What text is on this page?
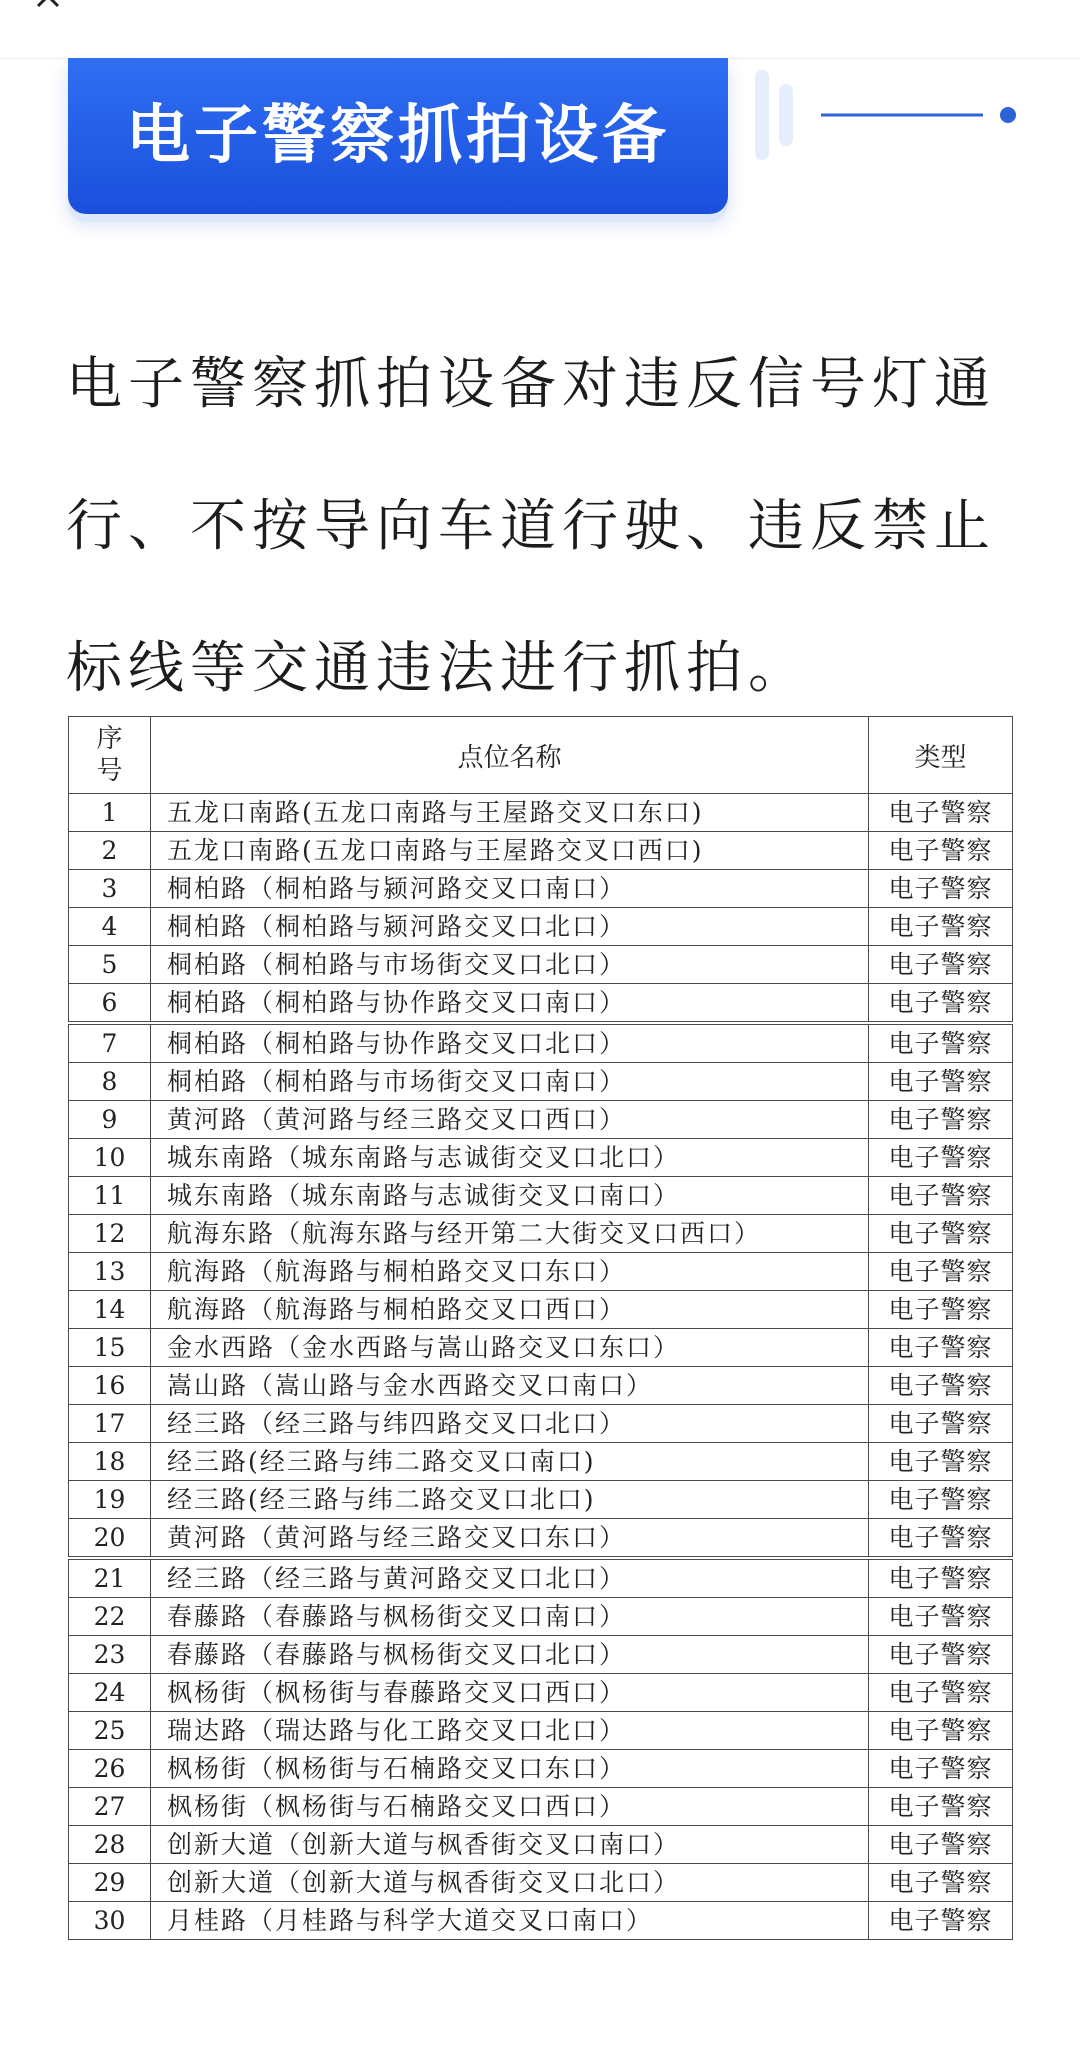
电子警察抓拍设备

电子警察抓拍设备对违反信号灯通行、不按导向车道行驶、违反禁止标线等交通违法进行抓拍。

序
号	点位名称	类型
1	五龙口南路(五龙口南路与王屋路交叉口东口)	电子警察
2	五龙口南路(五龙口南路与王屋路交叉口西口)	电子警察
3	桐柏路（桐柏路与颍河路交叉口南口）	电子警察
4	桐柏路（桐柏路与颍河路交叉口北口）	电子警察
5	桐柏路（桐柏路与市场街交叉口北口）	电子警察
6	桐柏路（桐柏路与协作路交叉口南口）	电子警察
7	桐柏路（桐柏路与协作路交叉口北口）	电子警察
8	桐柏路（桐柏路与市场街交叉口南口）	电子警察
9	黄河路（黄河路与经三路交叉口西口）	电子警察
10	城东南路（城东南路与志诚街交叉口北口）	电子警察
11	城东南路（城东南路与志诚街交叉口南口）	电子警察
12	航海东路（航海东路与经开第二大街交叉口西口）	电子警察
13	航海路（航海路与桐柏路交叉口东口）	电子警察
14	航海路（航海路与桐柏路交叉口西口）	电子警察
15	金水西路（金水西路与嵩山路交叉口东口）	电子警察
16	嵩山路（嵩山路与金水西路交叉口南口）	电子警察
17	经三路（经三路与纬四路交叉口北口）	电子警察
18	经三路(经三路与纬二路交叉口南口)	电子警察
19	经三路(经三路与纬二路交叉口北口)	电子警察
20	黄河路（黄河路与经三路交叉口东口）	电子警察
21	经三路（经三路与黄河路交叉口北口）	电子警察
22	春藤路（春藤路与枫杨街交叉口南口）	电子警察
23	春藤路（春藤路与枫杨街交叉口北口）	电子警察
24	枫杨街（枫杨街与春藤路交叉口西口）	电子警察
25	瑞达路（瑞达路与化工路交叉口北口）	电子警察
26	枫杨街（枫杨街与石楠路交叉口东口）	电子警察
27	枫杨街（枫杨街与石楠路交叉口西口）	电子警察
28	创新大道（创新大道与枫香街交叉口南口）	电子警察
29	创新大道（创新大道与枫香街交叉口北口）	电子警察
30	月桂路（月桂路与科学大道交叉口南口）	电子警察
